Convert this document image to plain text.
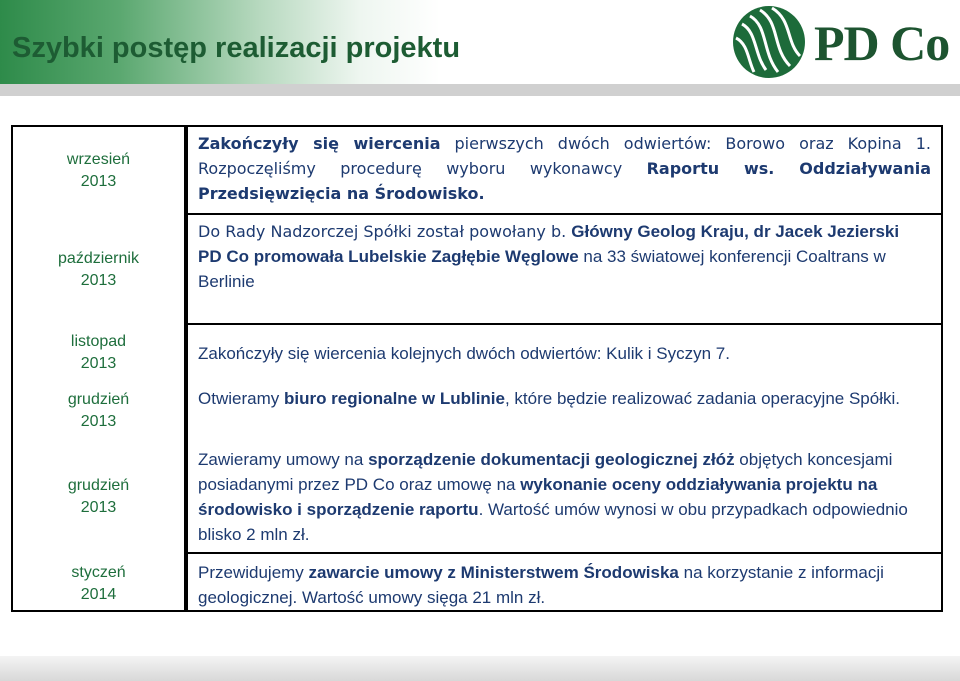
Szybki postęp realizacji projektu	PD Co
wrzesień
2013
październik
2013
listopad
2013
grudzień
2013
grudzień
2013
styczeń
2014
Zakończyły się wiercenia pierwszych dwóch odwiertów: Borowo oraz Kopina 1. Rozpoczęliśmy procedurę wyboru wykonawcy Raportu ws. Oddziaływania Przedsięwzięcia na Środowisko.
Do Rady Nadzorczej Spółki został powołany b. Główny Geolog Kraju, dr Jacek Jezierski
PD Co promowała Lubelskie Zagłębie Węglowe na 33 światowej konferencji Coaltrans w Berlinie
Zakończyły się wiercenia kolejnych dwóch odwiertów: Kulik i Syczyn 7.
Otwieramy biuro regionalne w Lublinie, które będzie realizować zadania operacyjne Spółki.
Zawieramy umowy na sporządzenie dokumentacji geologicznej złóż objętych koncesjami posiadanymi przez PD Co oraz umowę na wykonanie oceny oddziaływania projektu na środowisko i sporządzenie raportu. Wartość umów wynosi w obu przypadkach odpowiednio blisko 2 mln zł.
Przewidujemy zawarcie umowy z Ministerstwem Środowiska na korzystanie z informacji geologicznej. Wartość umowy sięga 21 mln zł.
